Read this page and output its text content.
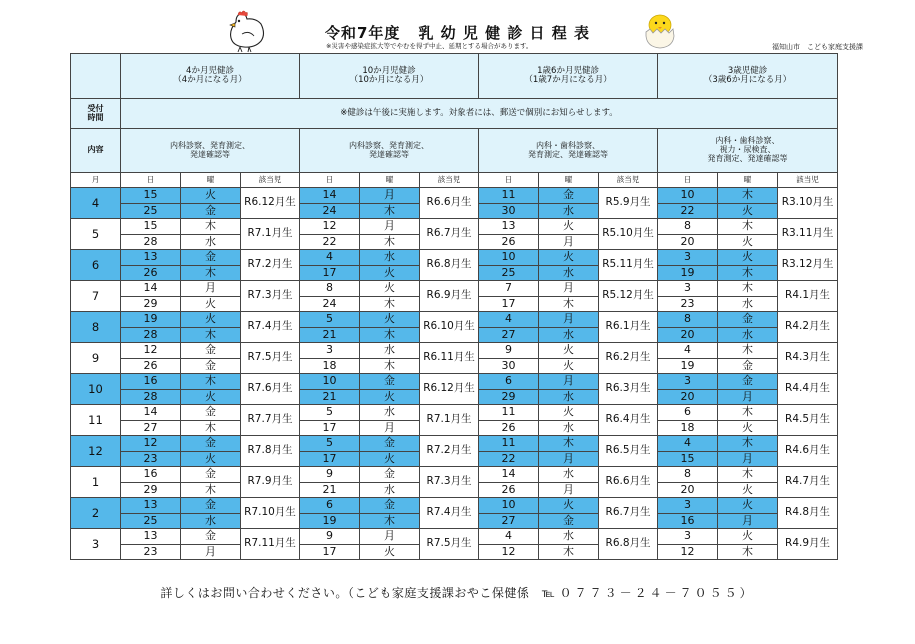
令和7年度 乳 幼 児 健 診 日 程 表
※災害や感染症拡大等でやむを得ず中止、延期とする場合があります。	福知山市　こども家庭支援課
	4か月児健診
（4か月になる月）			10か月児健診
（10か月になる月）			1歳6か月児健診
（1歳7か月になる月）			3歳児健診
（3歳6か月になる月）		
受付
時間	※健診は午後に実施します。対象者には、郵送で個別にお知らせします。											
内容	内科診察、発育測定、
発達確認等			内科診察、発育測定、
発達確認等			内科・歯科診察、
発育測定、発達確認等			内科・歯科診察、
視力・尿検査、
発育測定、発達確認等		
月	日	曜	該当児	日	曜	該当児	日	曜	該当児	日	曜	該当児
4	15	火	R6.12月生	14	月	R6.6月生	11	金	R5.9月生	10	木	R3.10月生
	25	金		24	木		30	水		22	火	
5	15	木	R7.1月生	12	月	R6.7月生	13	火	R5.10月生	8	木	R3.11月生
	28	水		22	木		26	月		20	火	
6	13	金	R7.2月生	4	水	R6.8月生	10	火	R5.11月生	3	火	R3.12月生
	26	木		17	火		25	水		19	木	
7	14	月	R7.3月生	8	火	R6.9月生	7	月	R5.12月生	3	木	R4.1月生
	29	火		24	木		17	木		23	水	
8	19	火	R7.4月生	5	火	R6.10月生	4	月	R6.1月生	8	金	R4.2月生
	28	木		21	木		27	水		20	水	
9	12	金	R7.5月生	3	水	R6.11月生	9	火	R6.2月生	4	木	R4.3月生
	26	金		18	木		30	火		19	金	
10	16	木	R7.6月生	10	金	R6.12月生	6	月	R6.3月生	3	金	R4.4月生
	28	火		21	火		29	水		20	月	
11	14	金	R7.7月生	5	水	R7.1月生	11	火	R6.4月生	6	木	R4.5月生
	27	木		17	月		26	水		18	火	
12	12	金	R7.8月生	5	金	R7.2月生	11	木	R6.5月生	4	木	R4.6月生
	23	火		17	火		22	月		15	月	
1	16	金	R7.9月生	9	金	R7.3月生	14	水	R6.6月生	8	木	R4.7月生
	29	木		21	水		26	月		20	火	
2	13	金	R7.10月生	6	金	R7.4月生	10	火	R6.7月生	3	火	R4.8月生
	25	水		19	木		27	金		16	月	
3	13	金	R7.11月生	9	月	R7.5月生	4	水	R6.8月生	3	火	R4.9月生
	23	月		17	火		12	木		12	木	
詳しくはお問い合わせください。（こども家庭支援課おやこ保健係　 ℡ ０７７３－２４－７０５５）
